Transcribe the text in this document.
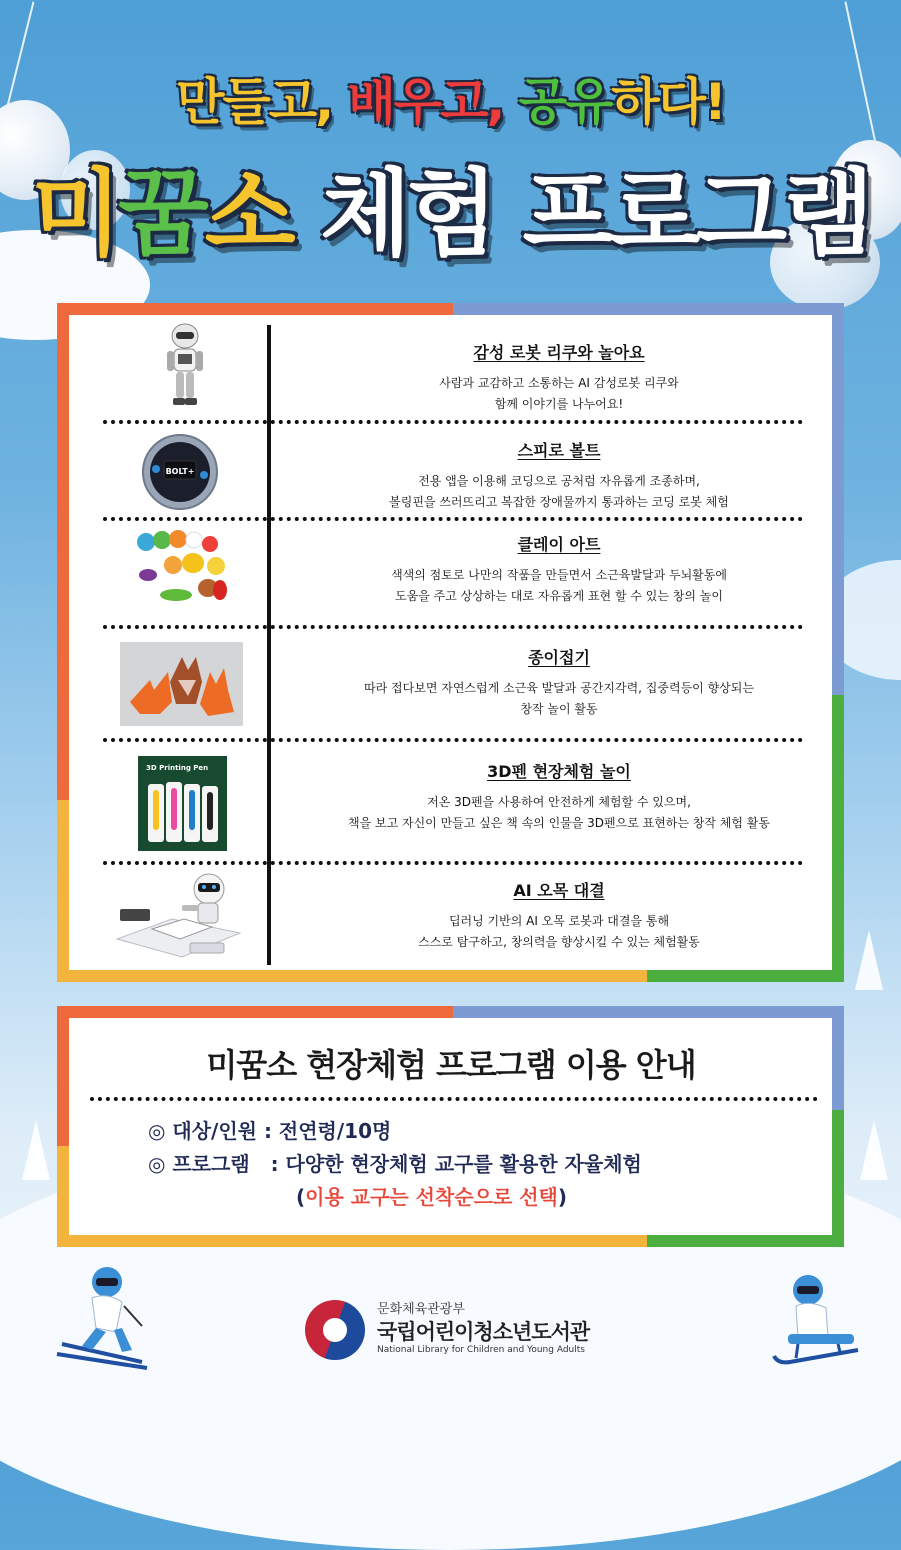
만들고, 배우고, 공유하다!
미꿈소 체험 프로그램
BOLT+
3D Printing Pen
감성 로봇 리쿠와 놀아요
사람과 교감하고 소통하는 AI 감성로봇 리쿠와
함께 이야기를 나누어요!
스피로 볼트
전용 앱을 이용해 코딩으로 공처럼 자유롭게 조종하며,
볼링핀을 쓰러뜨리고 복잡한 장애물까지 통과하는 코딩 로봇 체험
클레이 아트
색색의 점토로 나만의 작품을 만들면서 소근육발달과 두뇌활동에
도움을 주고 상상하는 대로 자유롭게 표현 할 수 있는 창의 놀이
종이접기
따라 접다보면 자연스럽게 소근육 발달과 공간지각력, 집중력등이 향상되는
창작 놀이 활동
3D펜 현장체험 놀이
저온 3D펜을 사용하여 안전하게 체험할 수 있으며,
책을 보고 자신이 만들고 싶은 책 속의 인물을 3D펜으로 표현하는 창작 체험 활동
AI 오목 대결
딥러닝 기반의 AI 오목 로봇과 대결을 통해
스스로 탐구하고, 창의력을 향상시킬 수 있는 체험활동
미꿈소 현장체험 프로그램 이용 안내
◎ 대상/인원 : 전연령/10명
◎ 프로그램   : 다양한 현장체험 교구를 활용한 자율체험
(이용 교구는 선착순으로 선택)
문화체육관광부
국립어린이청소년도서관
National Library for Children and Young Adults
